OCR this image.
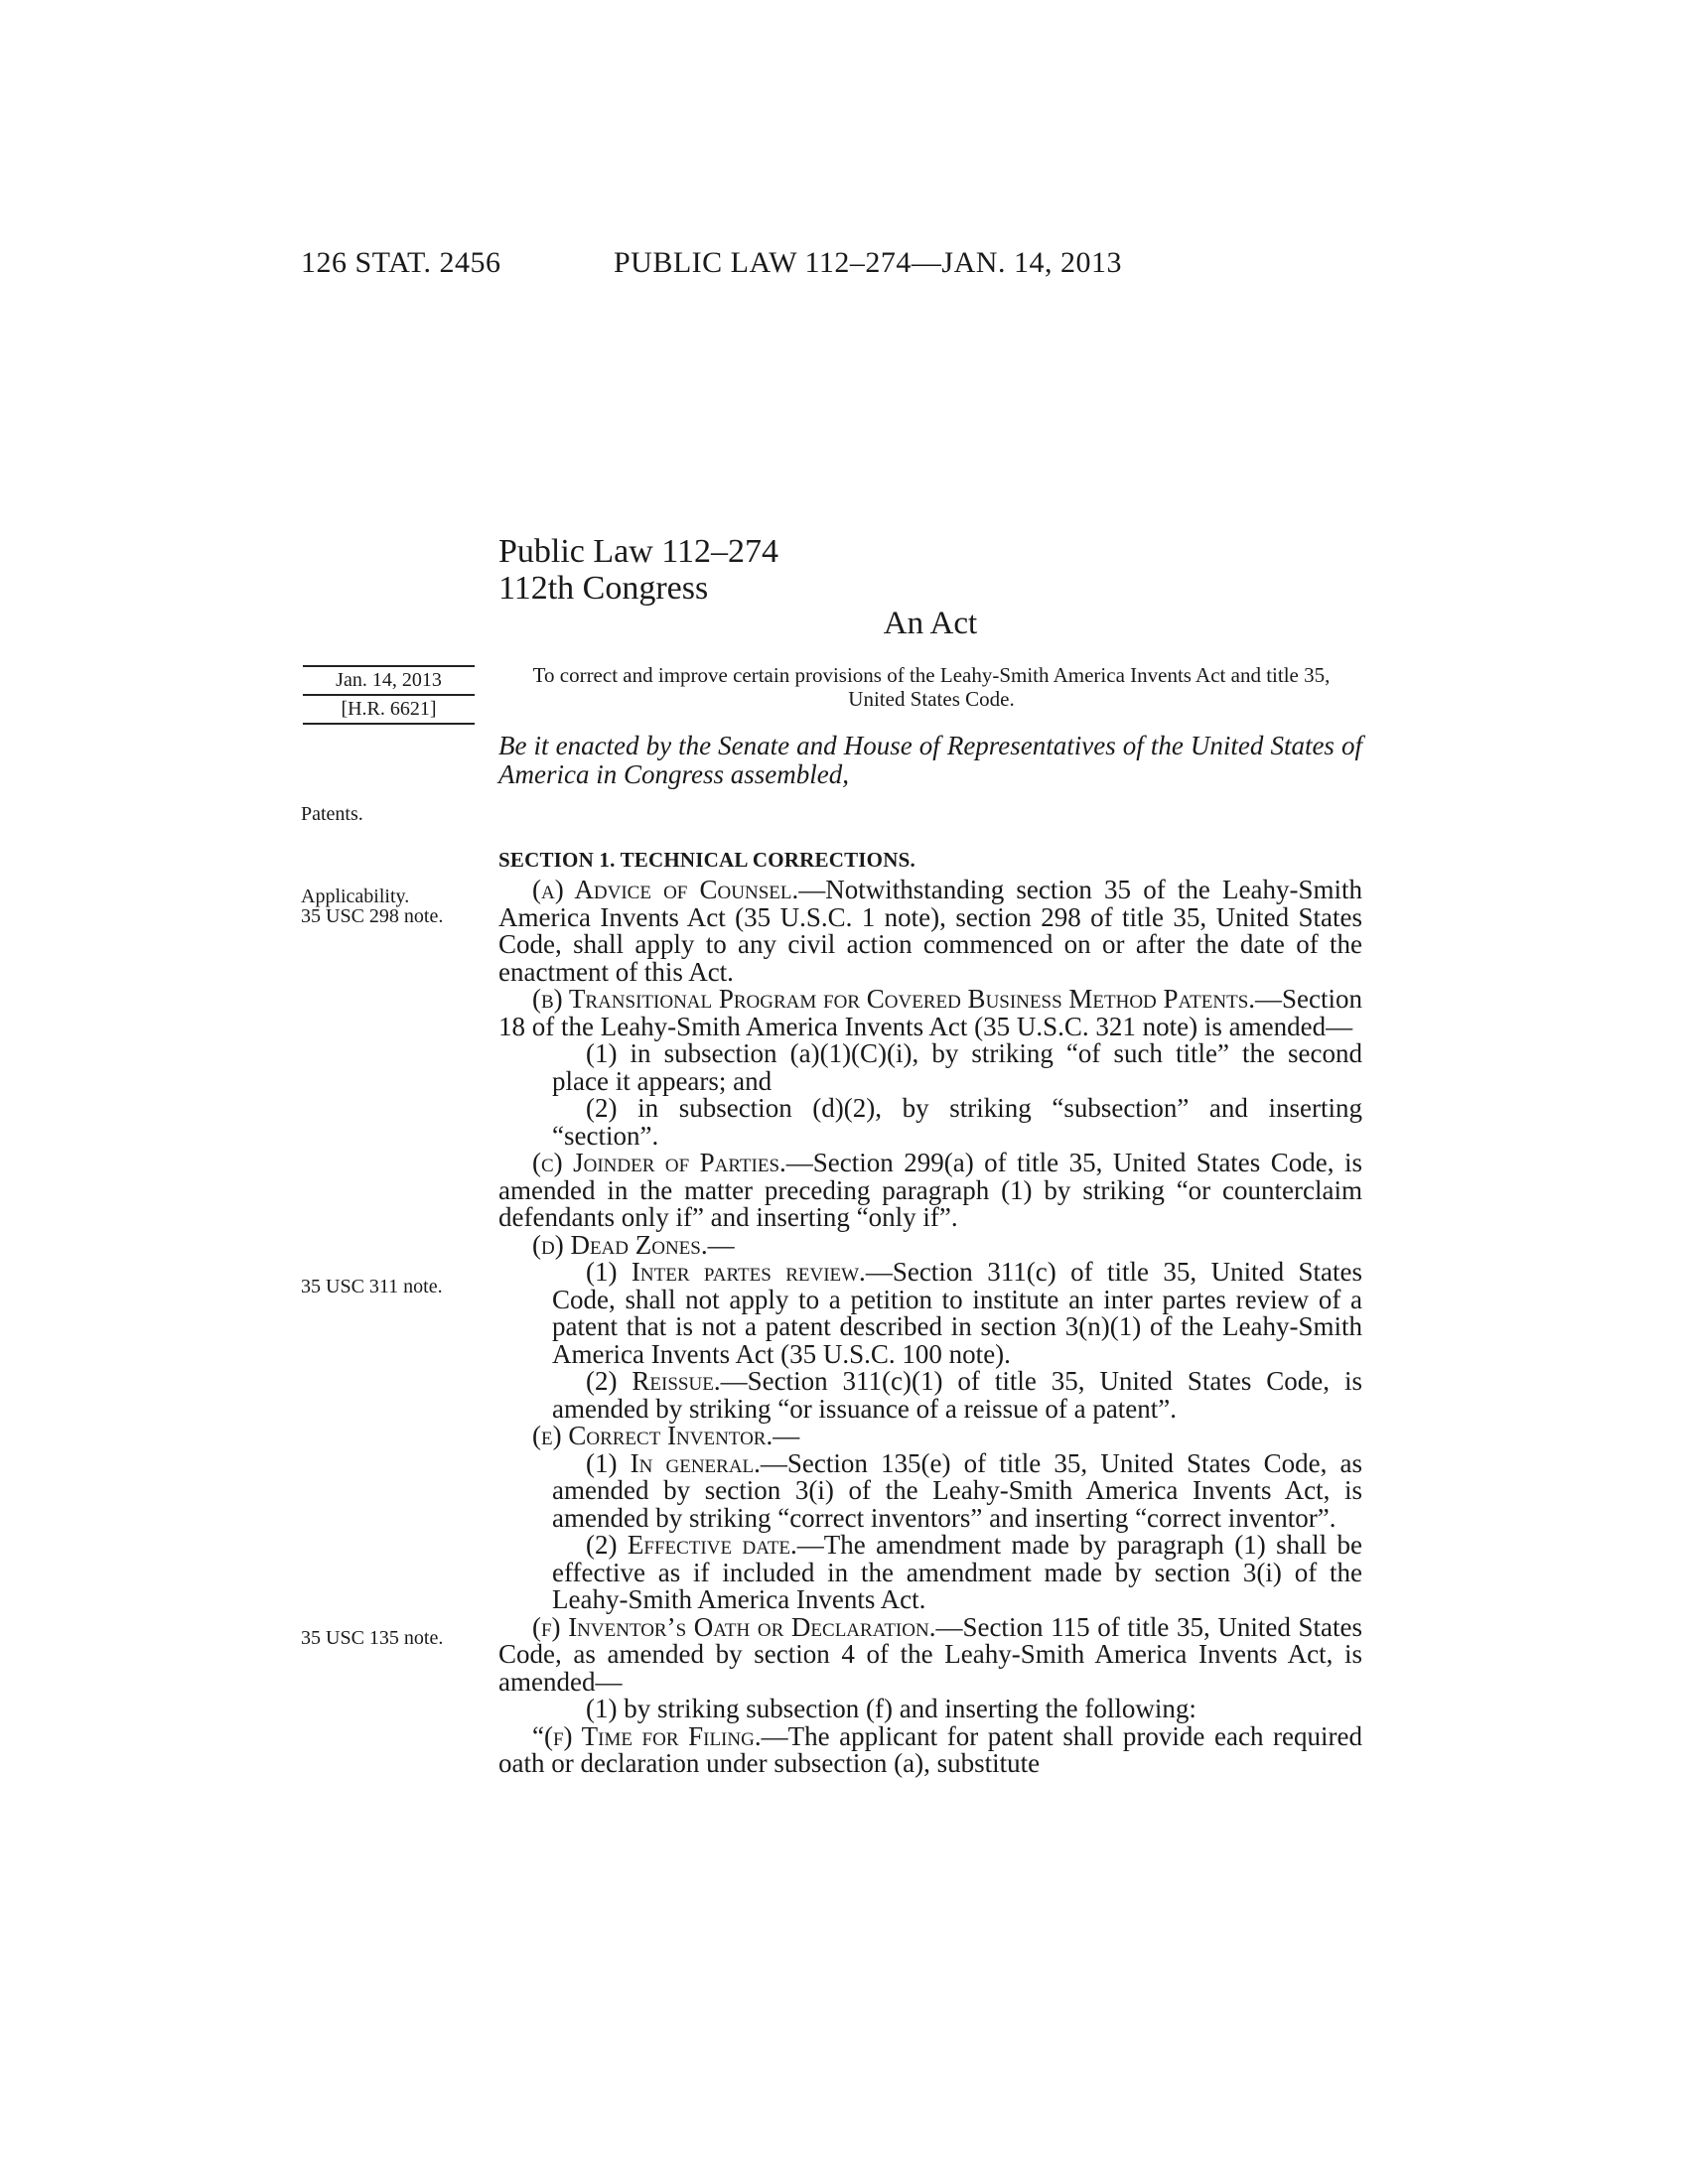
126 STAT. 2456	PUBLIC LAW 112–274—JAN. 14, 2013
Public Law 112–274
112th Congress
An Act
Jan. 14, 2013
[H.R. 6621]
To correct and improve certain provisions of the Leahy-Smith America Invents Act and title 35, United States Code.
Be it enacted by the Senate and House of Representatives of the United States of America in Congress assembled,
Patents.
Applicability.
35 USC 298 note.
35 USC 311 note.
35 USC 135 note.
SECTION 1. TECHNICAL CORRECTIONS.

(a) Advice of Counsel.—Notwithstanding section 35 of the Leahy-Smith America Invents Act (35 U.S.C. 1 note), section 298 of title 35, United States Code, shall apply to any civil action commenced on or after the date of the enactment of this Act.

(b) Transitional Program for Covered Business Method Patents.—Section 18 of the Leahy-Smith America Invents Act (35 U.S.C. 321 note) is amended—

(1) in subsection (a)(1)(C)(i), by striking “of such title” the second place it appears; and

(2) in subsection (d)(2), by striking “subsection” and inserting “section”.

(c) Joinder of Parties.—Section 299(a) of title 35, United States Code, is amended in the matter preceding paragraph (1) by striking “or counterclaim defendants only if” and inserting “only if”.

(d) Dead Zones.—

(1) Inter partes review.—Section 311(c) of title 35, United States Code, shall not apply to a petition to institute an inter partes review of a patent that is not a patent described in section 3(n)(1) of the Leahy-Smith America Invents Act (35 U.S.C. 100 note).

(2) Reissue.—Section 311(c)(1) of title 35, United States Code, is amended by striking “or issuance of a reissue of a patent”.

(e) Correct Inventor.—

(1) In general.—Section 135(e) of title 35, United States Code, as amended by section 3(i) of the Leahy-Smith America Invents Act, is amended by striking “correct inventors” and inserting “correct inventor”.

(2) Effective date.—The amendment made by paragraph (1) shall be effective as if included in the amendment made by section 3(i) of the Leahy-Smith America Invents Act.

(f) Inventor’s Oath or Declaration.—Section 115 of title 35, United States Code, as amended by section 4 of the Leahy-Smith America Invents Act, is amended—

(1) by striking subsection (f) and inserting the following:

“(f) Time for Filing.—The applicant for patent shall provide each required oath or declaration under subsection (a), substitute
